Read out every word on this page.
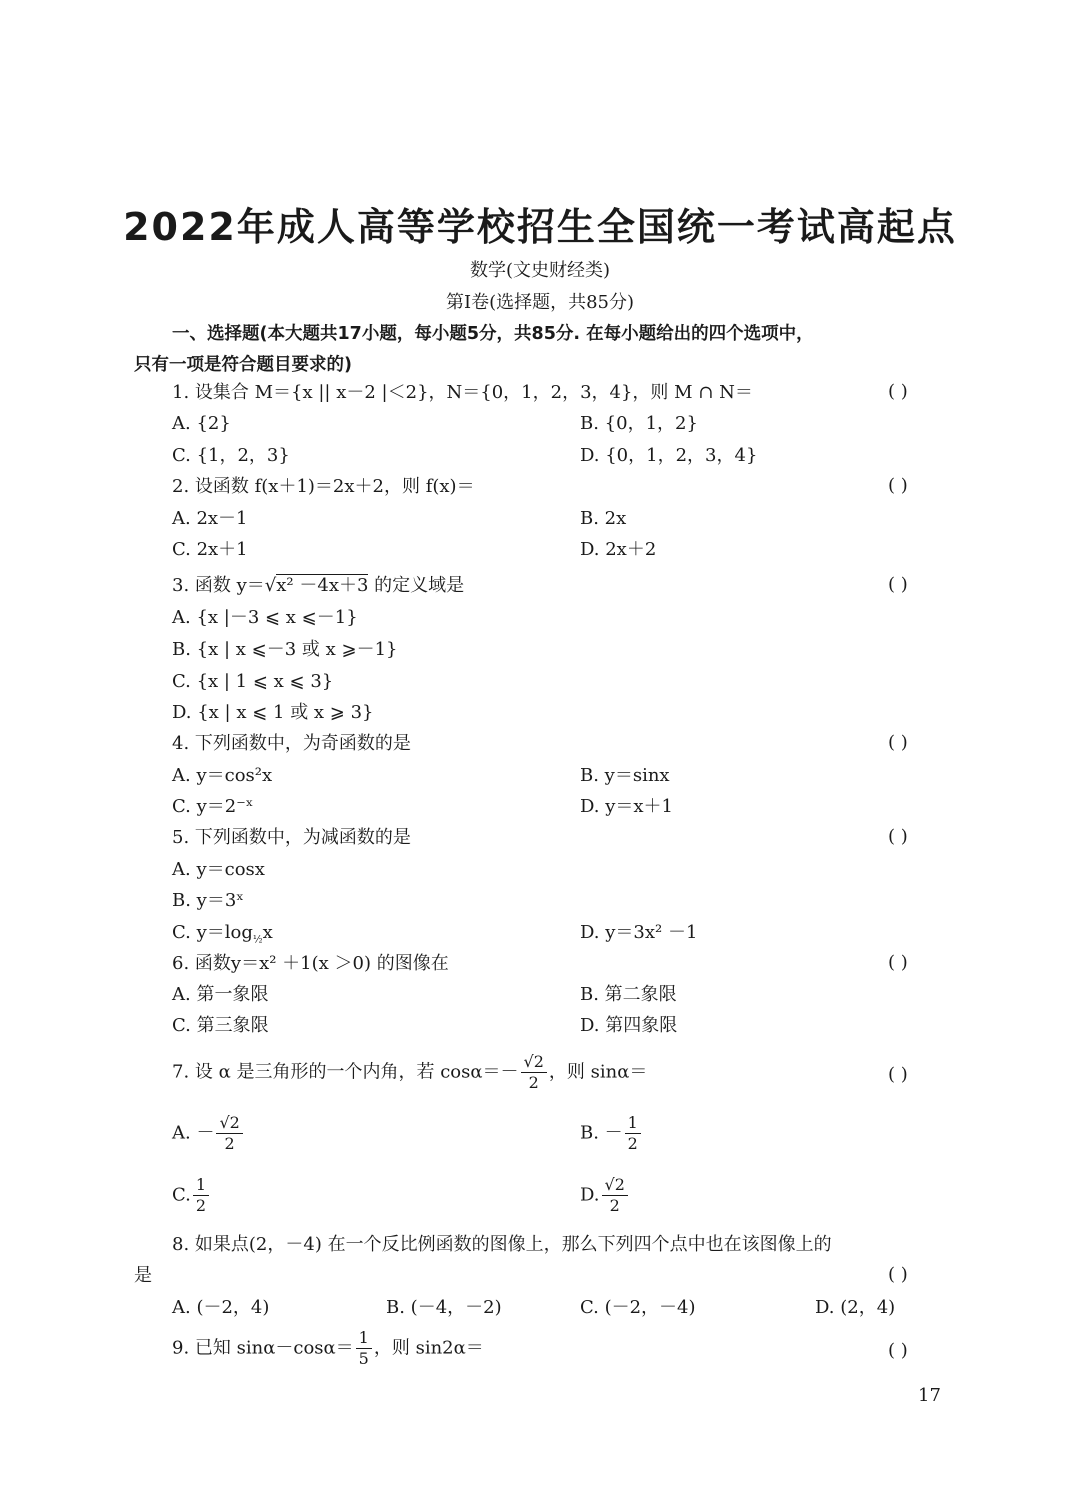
2022年成人高等学校招生全国统一考试高起点
数学(文史财经类)
第Ⅰ卷(选择题，共85分)
一、选择题(本大题共17小题，每小题5分，共85分. 在每小题给出的四个选项中，
只有一项是符合题目要求的)
1. 设集合 M＝{x || x－2 |＜2}，N＝{0，1，2，3，4}，则 M ∩ N＝	( )
A. {2}	B. {0，1，2}
C. {1，2，3}	D. {0，1，2，3，4}
2. 设函数 f(x＋1)＝2x＋2，则 f(x)＝	( )
A. 2x－1	B. 2x
C. 2x＋1	D. 2x＋2
3. 函数 y＝√x² －4x＋3 的定义域是	( )
A. {x |－3 ⩽ x ⩽－1}
B. {x | x ⩽－3 或 x ⩾－1}
C. {x | 1 ⩽ x ⩽ 3}
D. {x | x ⩽ 1 或 x ⩾ 3}
4. 下列函数中，为奇函数的是	( )
A. y＝cos²x	B. y＝sinx
C. y＝2⁻ˣ	D. y＝x＋1
5. 下列函数中，为减函数的是	( )
A. y＝cosx
B. y＝3ˣ
C. $y=\log_{\frac{1}{2}}x$	D. y＝3x² －1
6. 函数y＝x² ＋1(x ＞0) 的图像在	( )
A. 第一象限	B. 第二象限
C. 第三象限	D. 第四象限
7. 设 α 是三角形的一个内角，若 $\cos\alpha=- \frac{√2}{2}$ ，则 sinα＝	( )
A. － $\frac{√2}{2}$	B. － $\frac{1}{2}$
C. $\frac{1}{2}$	D. $\frac{√2}{2}$
8. 如果点(2，－4) 在一个反比例函数的图像上，那么下列四个点中也在该图像上的
是	( )
A. (－2，4)	B. (－4，－2)	C. (－2，－4)	D. (2，4)
9. 已知 $\sin\alpha-\cos\alpha= \frac{1}{5}$ ，则 sin2α＝	( )
17
